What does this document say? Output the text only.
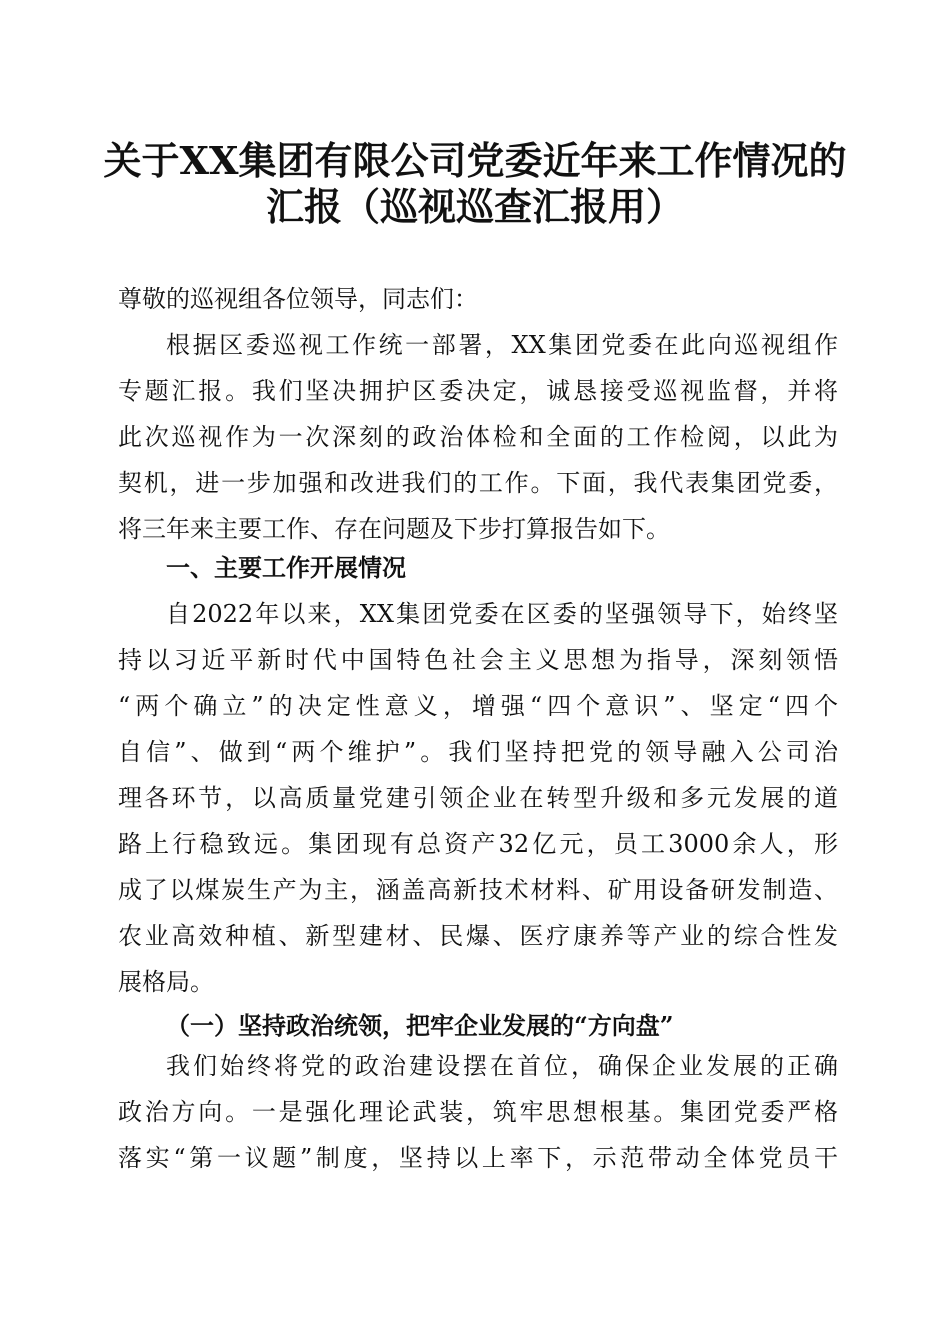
关于XX集团有限公司党委近年来工作情况的
汇报（巡视巡查汇报用）
尊敬的巡视组各位领导，同志们：
根据区委巡视工作统一部署，XX集团党委在此向巡视组作
专题汇报。我们坚决拥护区委决定，诚恳接受巡视监督，并将
此次巡视作为一次深刻的政治体检和全面的工作检阅，以此为
契机，进一步加强和改进我们的工作。下面，我代表集团党委，
将三年来主要工作、存在问题及下步打算报告如下。
一、主要工作开展情况
自2022年以来，XX集团党委在区委的坚强领导下，始终坚
持以习近平新时代中国特色社会主义思想为指导，深刻领悟
“两个确立”的决定性意义，增强“四个意识”、坚定“四个
自信”、做到“两个维护”。我们坚持把党的领导融入公司治
理各环节，以高质量党建引领企业在转型升级和多元发展的道
路上行稳致远。集团现有总资产32亿元，员工3000余人，形
成了以煤炭生产为主，涵盖高新技术材料、矿用设备研发制造、
农业高效种植、新型建材、民爆、医疗康养等产业的综合性发
展格局。
（一）坚持政治统领，把牢企业发展的“方向盘”
我们始终将党的政治建设摆在首位，确保企业发展的正确
政治方向。一是强化理论武装，筑牢思想根基。集团党委严格
落实“第一议题”制度，坚持以上率下，示范带动全体党员干
